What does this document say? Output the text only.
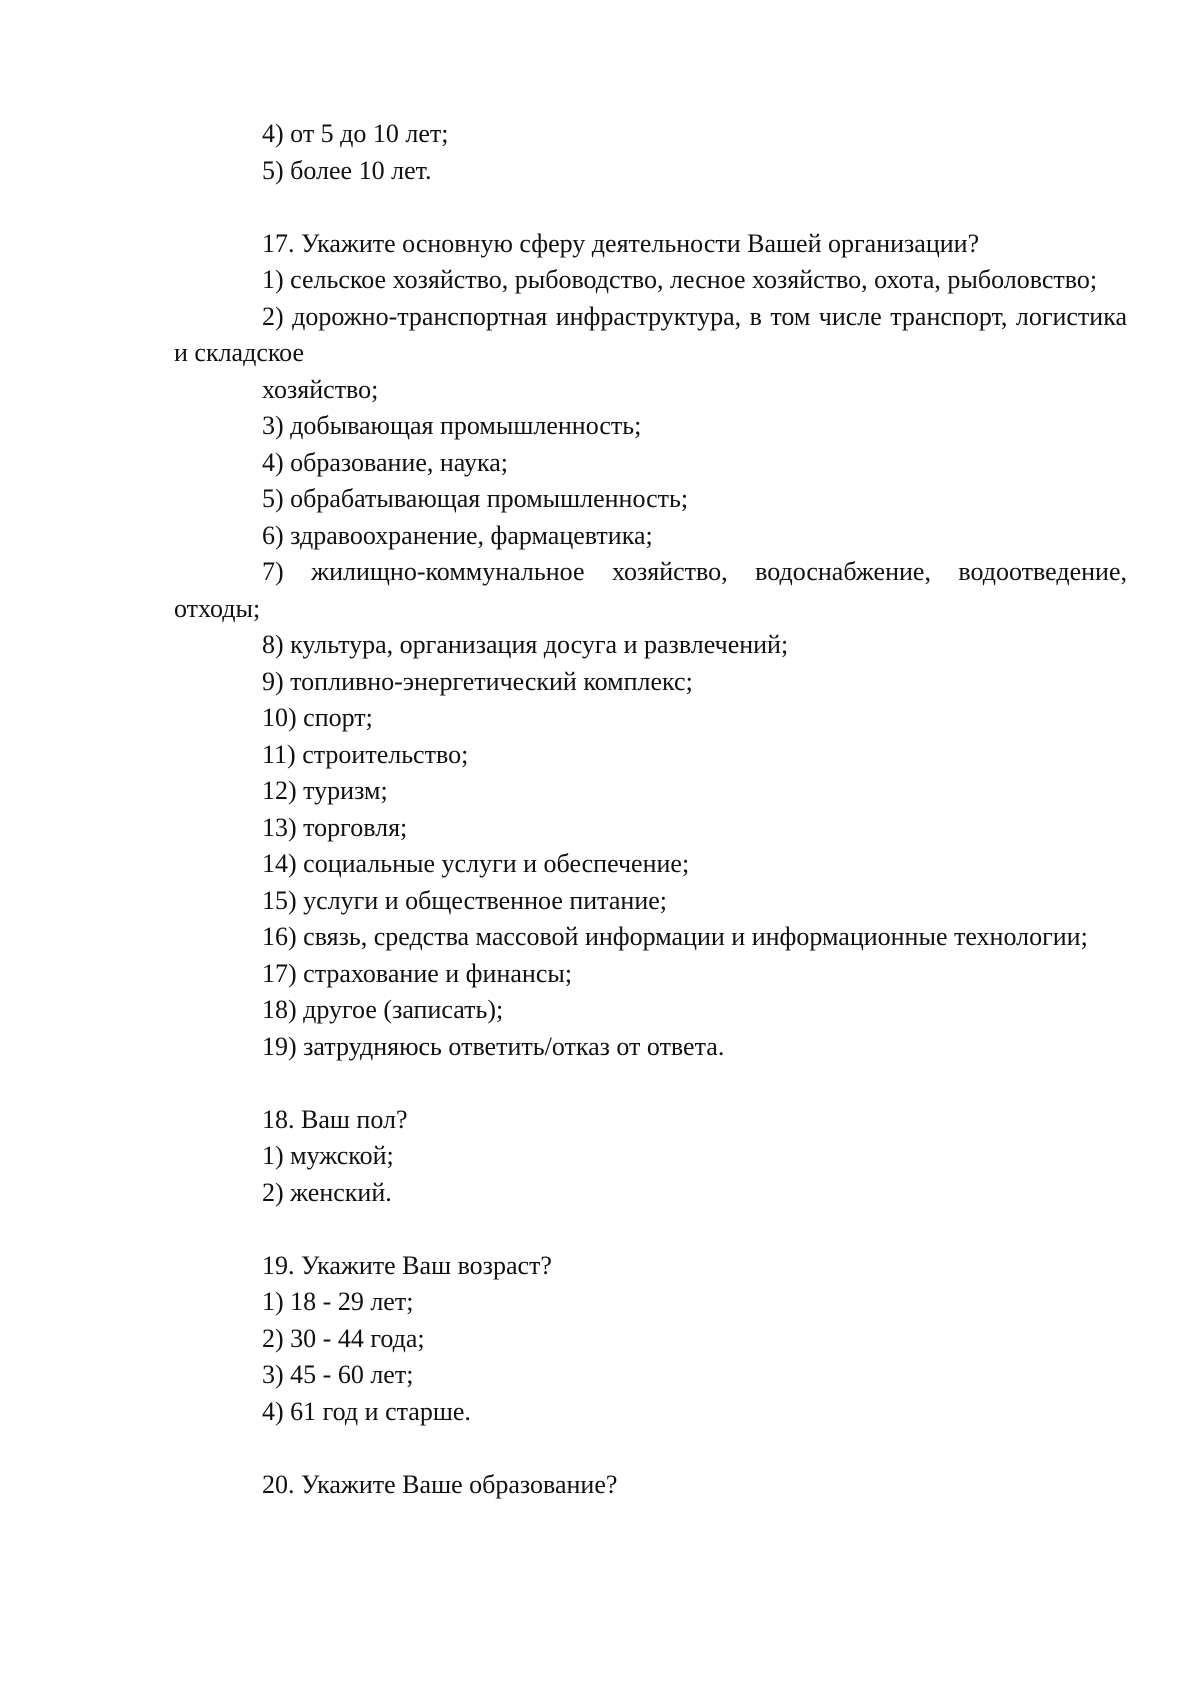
4) от 5 до 10 лет;

5) более 10 лет.

17. Укажите основную сферу деятельности Вашей организации?

1) сельское хозяйство, рыбоводство, лесное хозяйство, охота, рыболовство;

2) дорожно-транспортная инфраструктура, в том числе транспорт, логистика и складское

хозяйство;

3) добывающая промышленность;

4) образование, наука;

5) обрабатывающая промышленность;

6) здравоохранение, фармацевтика;

7) жилищно-коммунальное хозяйство, водоснабжение, водоотведение, отходы;

8) культура, организация досуга и развлечений;

9) топливно-энергетический комплекс;

10) спорт;

11) строительство;

12) туризм;

13) торговля;

14) социальные услуги и обеспечение;

15) услуги и общественное питание;

16) связь, средства массовой информации и информационные технологии;

17) страхование и финансы;

18) другое (записать);

19) затрудняюсь ответить/отказ от ответа.

18. Ваш пол?

1) мужской;

2) женский.

19. Укажите Ваш возраст?

1) 18 - 29 лет;

2) 30 - 44 года;

3) 45 - 60 лет;

4) 61 год и старше.

20. Укажите Ваше образование?
